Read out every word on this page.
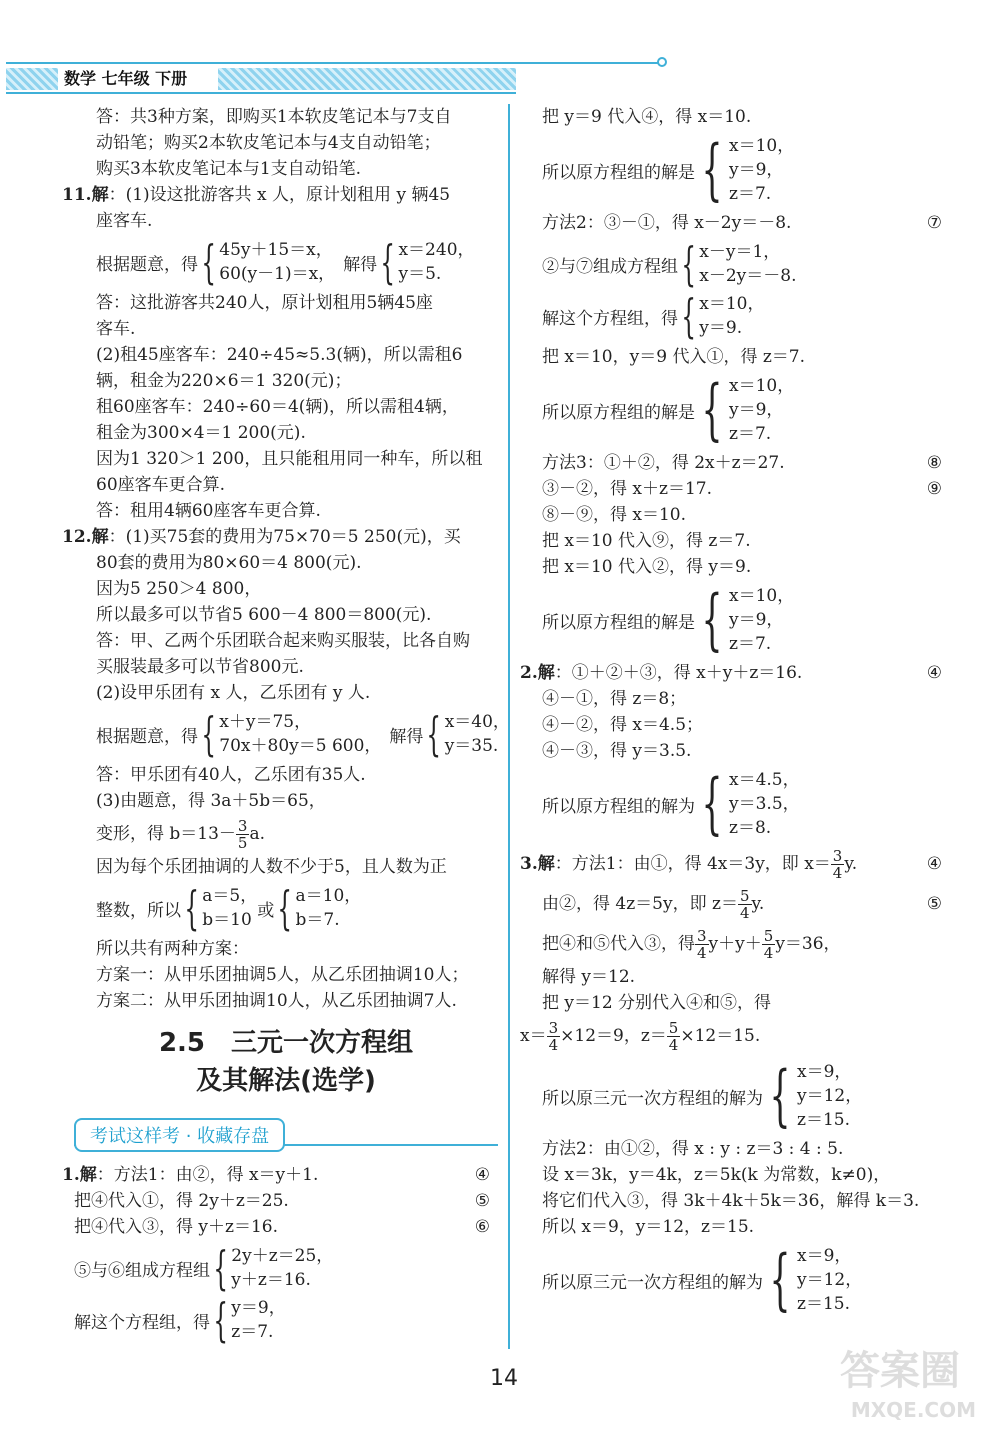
数学 七年级 下册
答：共3种方案，即购买1本软皮笔记本与7支自
动铅笔；购买2本软皮笔记本与4支自动铅笔；
购买3本软皮笔记本与1支自动铅笔.
11.解：(1)设这批游客共 x 人，原计划租用 y 辆45
座客车.
根据题意，得 { 45y＋15＝x，
60(y－1)＝x， 解得 { x＝240，
y＝5.
答：这批游客共240人，原计划租用5辆45座
客车.
(2)租45座客车：240÷45≈5.3(辆)，所以需租6
辆，租金为220×6＝1 320(元)；
租60座客车：240÷60＝4(辆)，所以需租4辆，
租金为300×4＝1 200(元).
因为1 320＞1 200，且只能租用同一种车，所以租
60座客车更合算.
答：租用4辆60座客车更合算.
12.解：(1)买75套的费用为75×70＝5 250(元)，买
80套的费用为80×60＝4 800(元).
因为5 250＞4 800，
所以最多可以节省5 600－4 800＝800(元).
答：甲、乙两个乐团联合起来购买服装，比各自购
买服装最多可以节省800元.
(2)设甲乐团有 x 人，乙乐团有 y 人.
根据题意，得 { x＋y＝75，
70x＋80y＝5 600， 解得 { x＝40，
y＝35.
答：甲乐团有40人，乙乐团有35人.
(3)由题意，得 3a＋5b＝65，
变形，得 $b=13- \frac{3}{5} a$.
因为每个乐团抽调的人数不少于5，且人数为正
整数，所以 { a＝5，
b＝10 或 { a＝10，
b＝7.
所以共有两种方案：
方案一：从甲乐团抽调5人，从乙乐团抽调10人；
方案二：从甲乐团抽调10人，从乙乐团抽调7人.
2.5　三元一次方程组
及其解法(选学)
考试这样考 · 收藏存盘
1.解：方法1：由②，得 x＝y＋1.	④
把④代入①，得 2y＋z＝25.	⑤
把④代入③，得 y＋z＝16.	⑥
⑤与⑥组成方程组 { 2y＋z＝25，
y＋z＝16.
解这个方程组，得 { y＝9，
z＝7.
把 y＝9 代入④，得 x＝10.
所以原方程组的解是 { x＝10，
y＝9，
z＝7.
方法2：③－①，得 x－2y＝－8.	⑦
②与⑦组成方程组 { x－y＝1，
x－2y＝－8.
解这个方程组，得 { x＝10，
y＝9.
把 x＝10，y＝9 代入①，得 z＝7.
所以原方程组的解是 { x＝10，
y＝9，
z＝7.
方法3：①＋②，得 2x＋z＝27.	⑧
③－②，得 x＋z＝17.	⑨
⑧－⑨，得 x＝10.
把 x＝10 代入⑨，得 z＝7.
把 x＝10 代入②，得 y＝9.
所以原方程组的解是 { x＝10，
y＝9，
z＝7.
2.解：①＋②＋③，得 x＋y＋z＝16.	④
④－①，得 z＝8；
④－②，得 x＝4.5；
④－③，得 y＝3.5.
所以原方程组的解为 { x＝4.5，
y＝3.5，
z＝8.
3.解：方法1：由①，得 4x＝3y，即 $x= \frac{3}{4} y$.	④
由②，得 4z＝5y，即 $z= \frac{5}{4} y$.	⑤
把④和⑤代入③，得 $\frac{3}{4} y+y+ \frac{5}{4} y=36$，
解得 y＝12.
把 y＝12 分别代入④和⑤，得
$x= \frac{3}{4} \times 12=9$，$z= \frac{5}{4} \times 12=15$.
所以原三元一次方程组的解为 { x＝9，
y＝12，
z＝15.
方法2：由①②，得 x : y : z＝3 : 4 : 5.
设 x＝3k，y＝4k，z＝5k(k 为常数，k≠0)，
将它们代入③，得 3k＋4k＋5k＝36，解得 k＝3.
所以 x＝9，y＝12，z＝15.
所以原三元一次方程组的解为 { x＝9，
y＝12，
z＝15.
14	答案圈
MXQE.COM
